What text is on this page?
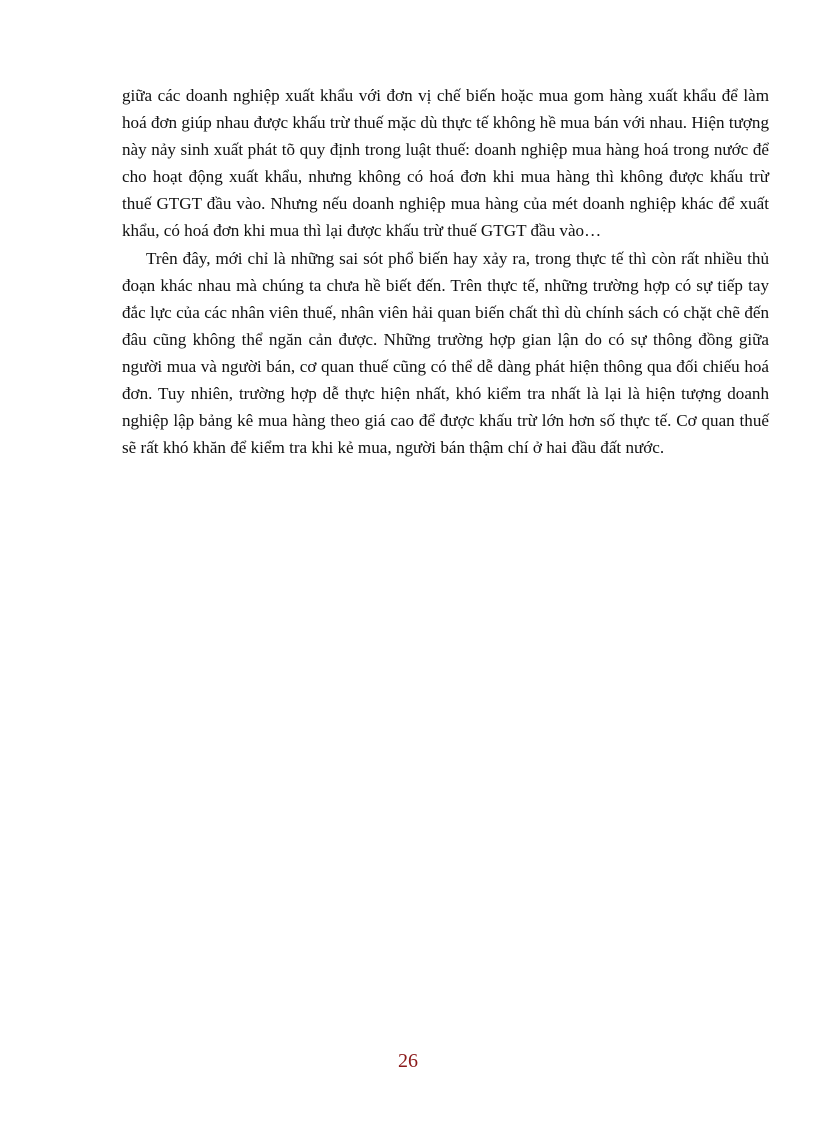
giữa các doanh nghiệp xuất khẩu với đơn vị chế biến hoặc mua gom hàng xuất khẩu để làm hoá đơn giúp nhau được khấu trừ thuế mặc dù thực tế không hề mua bán với nhau. Hiện tượng này nảy sinh xuất phát tõ quy định trong luật thuế: doanh nghiệp mua hàng hoá trong nước để cho hoạt động xuất khẩu, nhưng không có hoá đơn khi mua hàng thì không được khấu trừ thuế GTGT đầu vào. Nhưng nếu doanh nghiệp mua hàng của mét doanh nghiệp khác để xuất khẩu, có hoá đơn khi mua thì lại được khấu trừ thuế GTGT đầu vào…

Trên đây, mới chỉ là những sai sót phổ biến hay xảy ra, trong thực tế thì còn rất nhiều thủ đoạn khác nhau mà chúng ta chưa hề biết đến. Trên thực tế, những trường hợp có sự tiếp tay đắc lực của các nhân viên thuế, nhân viên hải quan biến chất thì dù chính sách có chặt chẽ đến đâu cũng không thể ngăn cản được. Những trường hợp gian lận do có sự thông đồng giữa người mua và người bán, cơ quan thuế cũng có thể dễ dàng phát hiện thông qua đối chiếu hoá đơn. Tuy nhiên, trường hợp dễ thực hiện nhất, khó kiểm tra nhất là lại là hiện tượng doanh nghiệp lập bảng kê mua hàng theo giá cao để được khấu trừ lớn hơn số thực tế. Cơ quan thuế sẽ rất khó khăn để kiểm tra khi kẻ mua, người bán thậm chí ở hai đầu đất nước.

26
